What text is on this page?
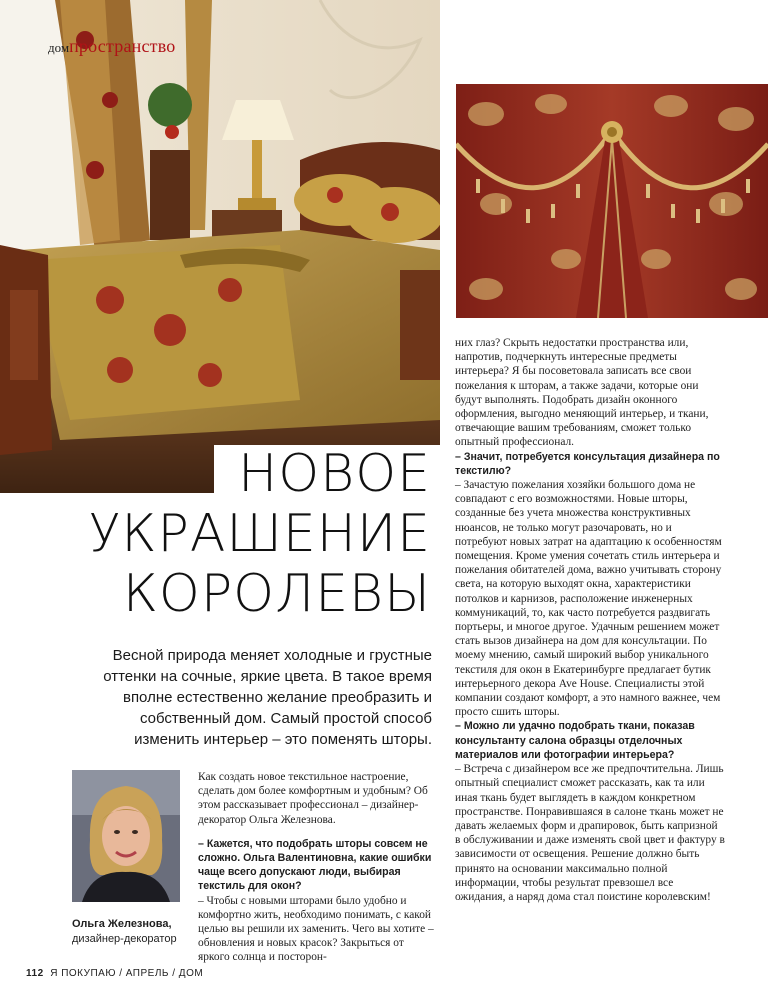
домпространство
НОВОЕ
УКРАШЕНИЕ
КОРОЛЕВЫ
Весной природа меняет холодные и грустные оттенки на сочные, яркие цвета. В такое время вполне естественно желание преобразить и собственный дом. Самый простой способ изменить интерьер – это поменять шторы.
Ольга Железнова,
дизайнер-декоратор

Как создать новое текстильное настроение, сделать дом более комфортным и удобным? Об этом рассказывает профессионал – дизайнер-декоратор Ольга Железнова.

– Кажется, что подобрать шторы совсем не сложно. Ольга Валентиновна, какие ошибки чаще всего допускают люди, выбирая текстиль для окон?

– Чтобы с новыми шторами было удобно и комфортно жить, необходимо понимать, с какой целью вы решили их заменить. Чего вы хотите – обновления и новых красок? Закрыться от яркого солнца и посторон-

них глаз? Скрыть недостатки пространства или, напротив, подчеркнуть интересные предметы интерьера? Я бы посоветовала записать все свои пожелания к шторам, а также задачи, которые они будут выполнять. Подобрать дизайн оконного оформления, выгодно меняющий интерьер, и ткани, отвечающие вашим требованиям, сможет только опытный профессионал.

– Значит, потребуется консультация дизайнера по текстилю?

– Зачастую пожелания хозяйки большого дома не совпадают с его возможностями. Новые шторы, созданные без учета множества конструктивных нюансов, не только могут разочаровать, но и потребуют новых затрат на адаптацию к особенностям помещения. Кроме умения сочетать стиль интерьера и пожелания обитателей дома, важно учитывать сторону света, на которую выходят окна, характеристики потолков и карнизов, расположение инженерных коммуникаций, то, как часто потребуется раздвигать портьеры, и многое другое. Удачным решением может стать вызов дизайнера на дом для консультации. По моему мнению, самый широкий выбор уникального текстиля для окон в Екатеринбурге предлагает бутик интерьерного декора Ave House. Специалисты этой компании создают комфорт, а это намного важнее, чем просто сшить шторы.

– Можно ли удачно подобрать ткани, показав консультанту салона образцы отделочных материалов или фотографии интерьера?

– Встреча с дизайнером все же предпочтительна. Лишь опытный специалист сможет рассказать, как та или иная ткань будет выглядеть в каждом конкретном пространстве. Понравившаяся в салоне ткань может не давать желаемых форм и драпировок, быть капризной в обслуживании и даже изменять свой цвет и фактуру в зависимости от освещения. Решение должно быть принято на основании максимально полной информации, чтобы результат превзошел все ожидания, а наряд дома стал поистине королевским!

112 Я ПОКУПАЮ / АПРЕЛЬ / ДОМ
